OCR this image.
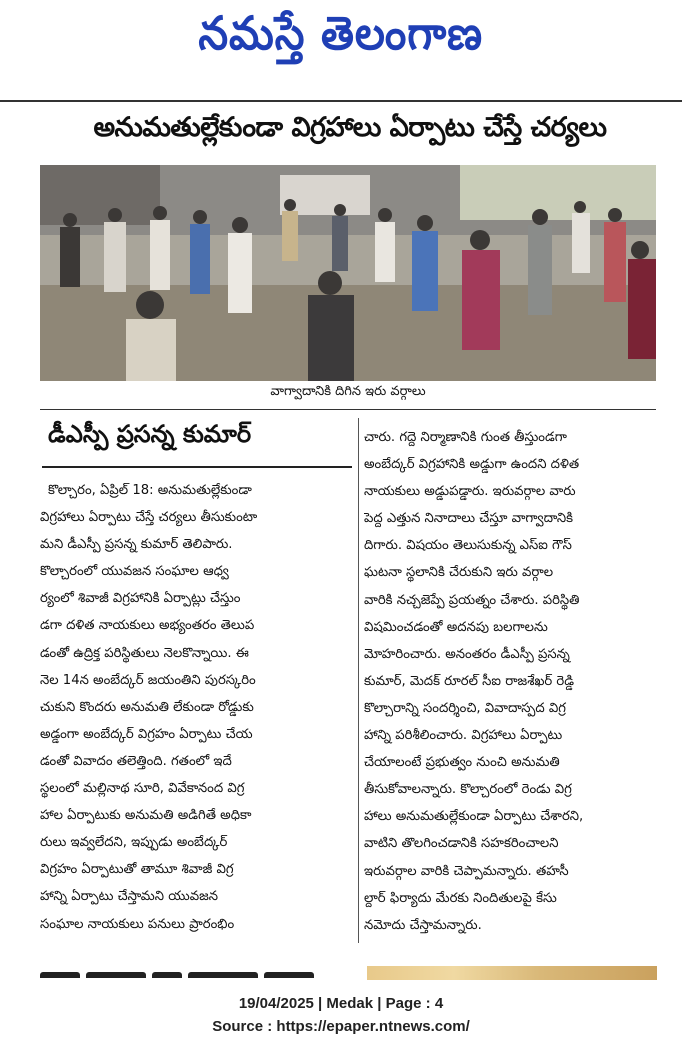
నమస్తే తెలంగాణ
అనుమతుల్లేకుండా విగ్రహాలు ఏర్పాటు చేస్తే చర్యలు
వాగ్వాదానికి దిగిన ఇరు వర్గాలు
డీఎస్పీ ప్రసన్న కుమార్
కొల్చారం, ఏప్రిల్ 18: అనుమతుల్లేకుండా
విగ్రహాలు ఏర్పాటు చేస్తే చర్యలు తీసుకుంటా
మని డీఎస్పీ ప్రసన్న కుమార్ తెలిపారు.
కొల్చారంలో యువజన సంఘాల ఆధ్వ
ర్యంలో శివాజీ విగ్రహానికి ఏర్పాట్లు చేస్తుం
డగా దళిత నాయకులు అభ్యంతరం తెలుప
డంతో ఉద్రిక్త పరిస్థితులు నెలకొన్నాయి. ఈ
నెల 14న అంబేద్కర్ జయంతిని పురస్కరిం
చుకుని కొందరు అనుమతి లేకుండా రోడ్డుకు
అడ్డంగా అంబేద్కర్ విగ్రహం ఏర్పాటు చేయ
డంతో వివాదం తలెత్తింది. గతంలో ఇదే
స్థలంలో మల్లినాథ సూరి, వివేకానంద విగ్ర
హాల ఏర్పాటుకు అనుమతి అడిగితే అధికా
రులు ఇవ్వలేదని, ఇప్పుడు అంబేద్కర్
విగ్రహం ఏర్పాటుతో తామూ శివాజీ విగ్ర
హాన్ని ఏర్పాటు చేస్తామని యువజన
సంఘాల నాయకులు పనులు ప్రారంభిం
చారు. గద్దె నిర్మాణానికి గుంత తీస్తుండగా
అంబేద్కర్ విగ్రహానికి అడ్డుగా ఉందని దళిత
నాయకులు అడ్డుపడ్డారు. ఇరువర్గాల వారు
పెద్ద ఎత్తున నినాదాలు చేస్తూ వాగ్వాదానికి
దిగారు. విషయం తెలుసుకున్న ఎస్ఐ గౌస్
ఘటనా స్థలానికి చేరుకుని ఇరు వర్గాల
వారికి నచ్చజెప్పే ప్రయత్నం చేశారు. పరిస్థితి
విషమించడంతో అదనపు బలగాలను
మోహరించారు. అనంతరం డీఎస్పీ ప్రసన్న
కుమార్, మెదక్ రూరల్ సీఐ రాజశేఖర్ రెడ్డి
కొల్చారాన్ని సందర్శించి, వివాదాస్పద విగ్ర
హాన్ని పరిశీలించారు. విగ్రహాలు ఏర్పాటు
చేయాలంటే ప్రభుత్వం నుంచి అనుమతి
తీసుకోవాలన్నారు. కొల్చారంలో రెండు విగ్ర
హాలు అనుమతుల్లేకుండా ఏర్పాటు చేశారని,
వాటిని తొలగించడానికి సహకరించాలని
ఇరువర్గాల వారికి చెప్పామన్నారు. తహసీ
ల్దార్ ఫిర్యాదు మేరకు నిందితులపై కేసు
నమోదు చేస్తామన్నారు.
19/04/2025 | Medak | Page : 4
Source : https://epaper.ntnews.com/
